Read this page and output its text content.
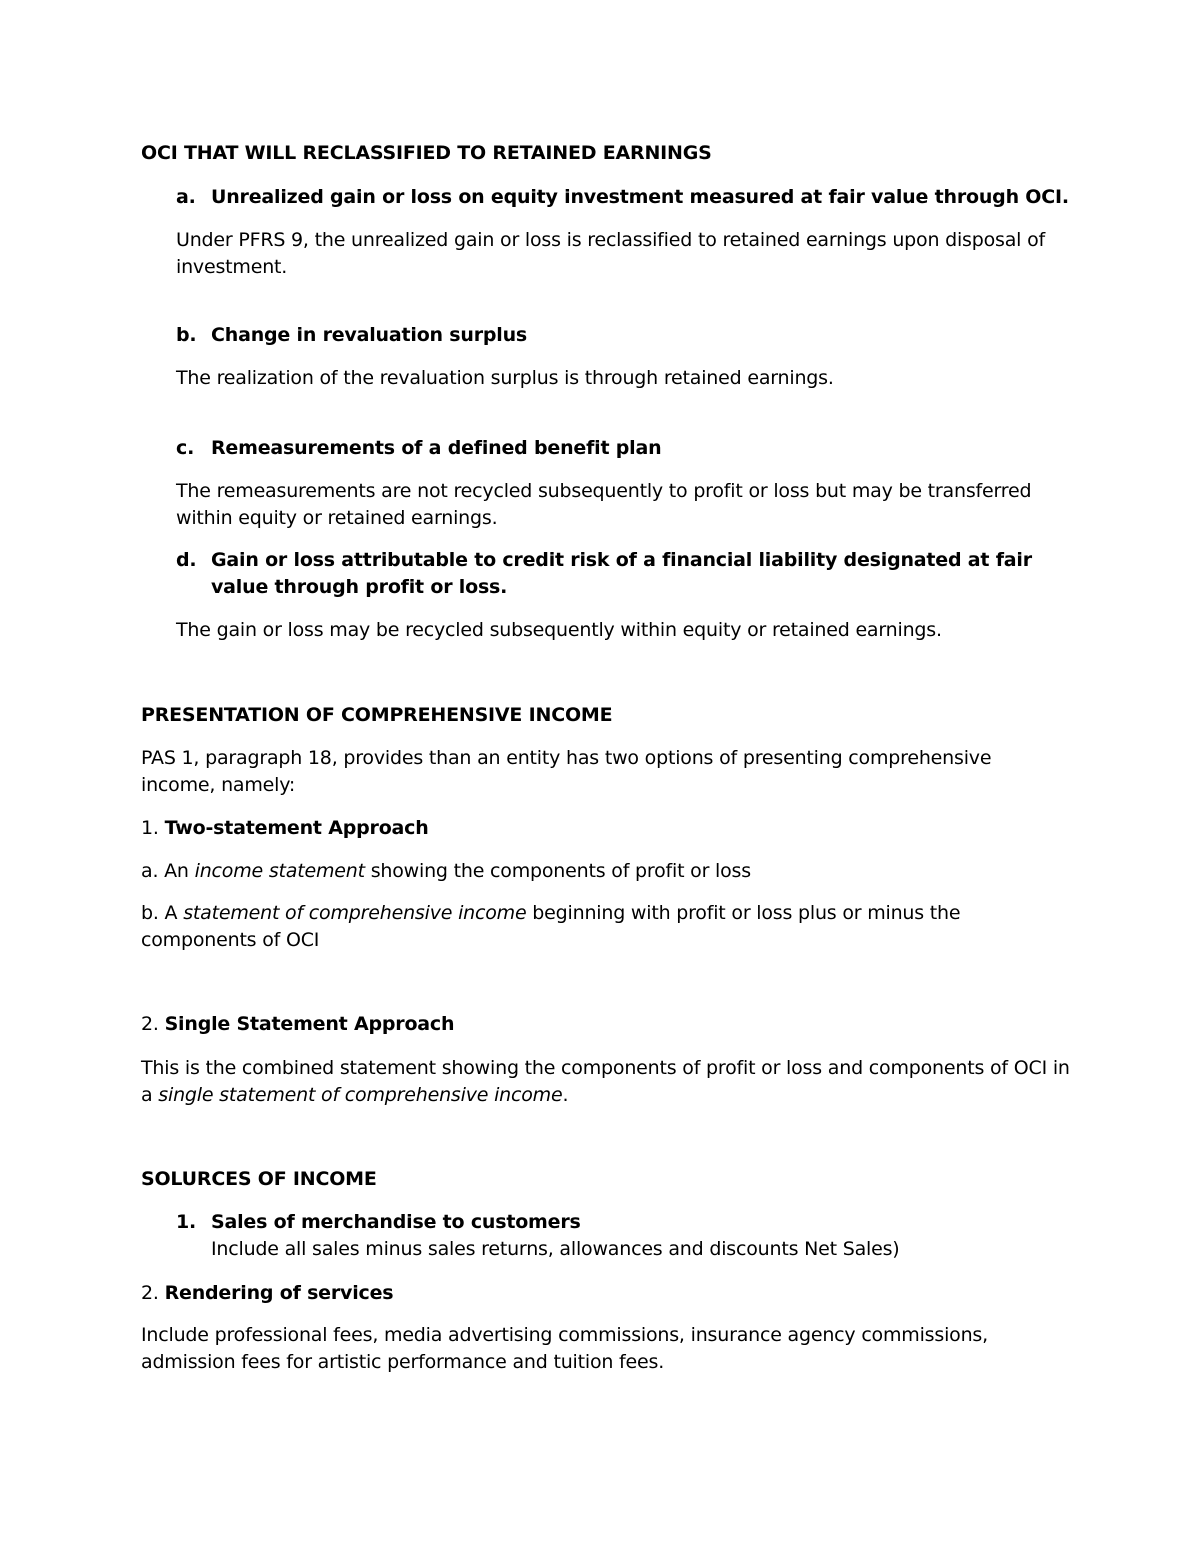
OCI THAT WILL RECLASSIFIED TO RETAINED EARNINGS
a. Unrealized gain or loss on equity investment measured at fair value through OCI.
Under PFRS 9, the unrealized gain or loss is reclassified to retained earnings upon disposal of investment.
b. Change in revaluation surplus
The realization of the revaluation surplus is through retained earnings.
c. Remeasurements of a defined benefit plan
The remeasurements are not recycled subsequently to profit or loss but may be transferred within equity or retained earnings.
d. Gain or loss attributable to credit risk of a financial liability designated at fair value through profit or loss.
The gain or loss may be recycled subsequently within equity or retained earnings.
PRESENTATION OF COMPREHENSIVE INCOME
PAS 1, paragraph 18, provides than an entity has two options of presenting comprehensive income, namely:
1. Two-statement Approach
a. An income statement showing the components of profit or loss
b. A statement of comprehensive income beginning with profit or loss plus or minus the components of OCI
2. Single Statement Approach
This is the combined statement showing the components of profit or loss and components of OCI in a single statement of comprehensive income.
SOLURCES OF INCOME
1. Sales of merchandise to customers
Include all sales minus sales returns, allowances and discounts Net Sales)
2. Rendering of services
Include professional fees, media advertising commissions, insurance agency commissions, admission fees for artistic performance and tuition fees.
